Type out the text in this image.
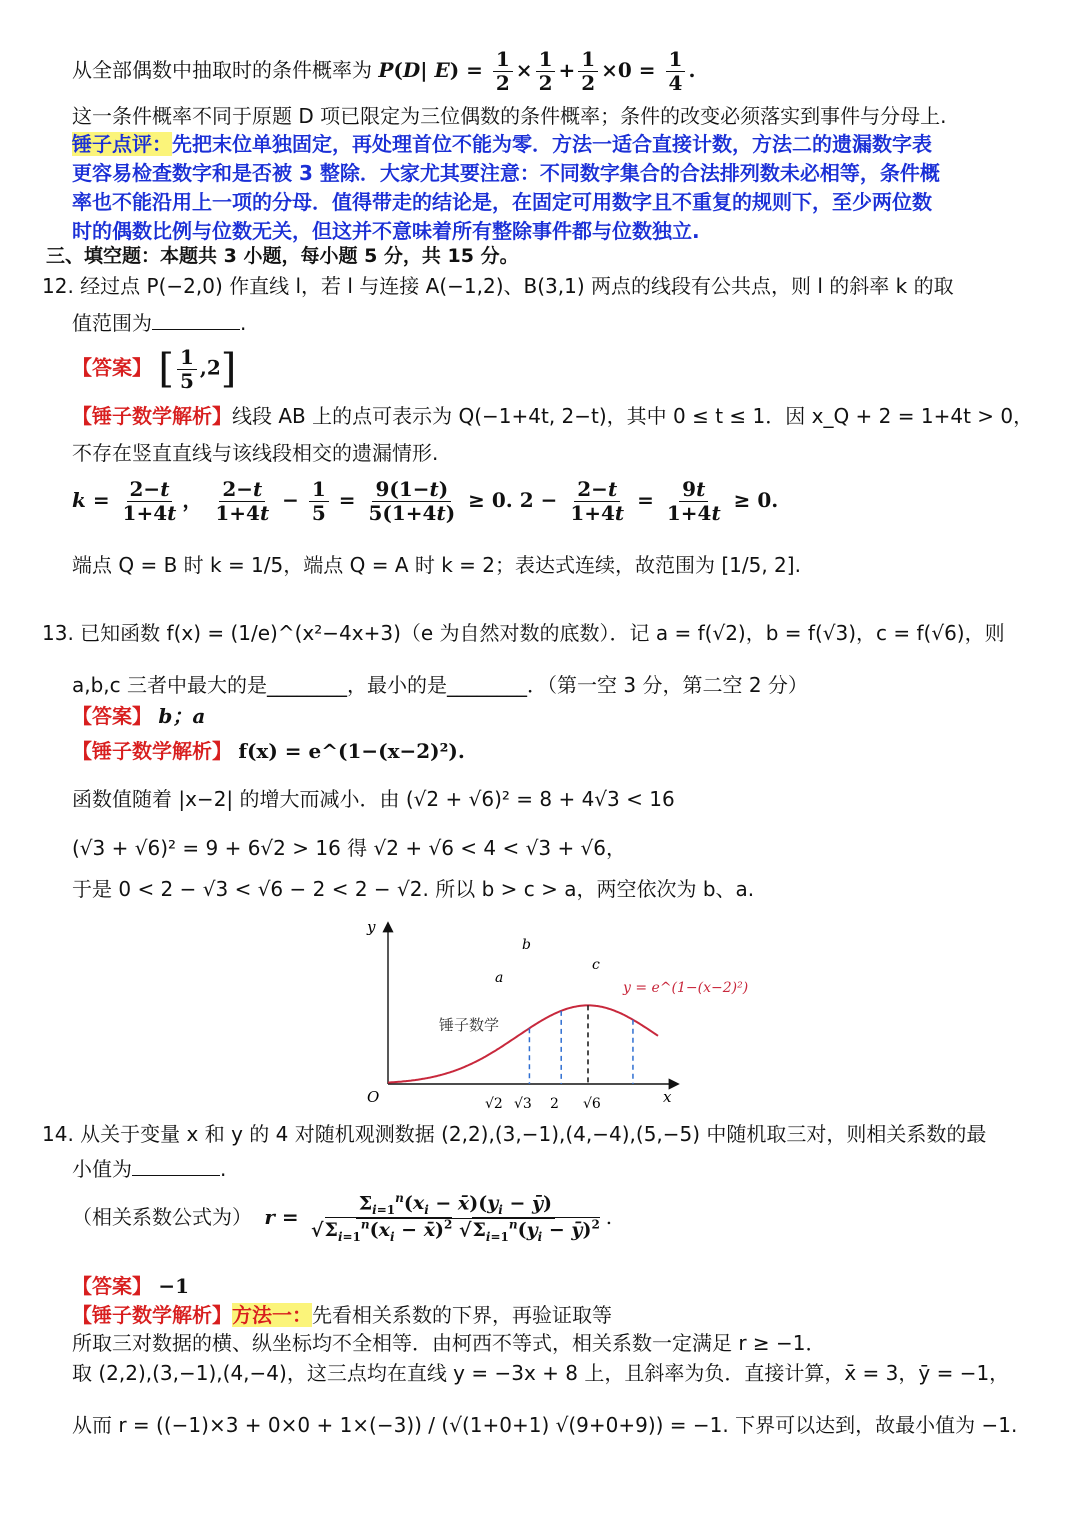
从全部偶数中抽取时的条件概率为 P(D| $E) = \frac{1}{2} \times \frac{1}{2} + \frac{1}{2} \times 0 = \frac{1}{4}$ .
这一条件概率不同于原题 D 项已限定为三位偶数的条件概率；条件的改变必须落实到事件与分母上.
锤子点评：先把末位单独固定，再处理首位不能为零．方法一适合直接计数，方法二的遗漏数字表
更容易检查数字和是否被 3 整除．大家尤其要注意：不同数字集合的合法排列数未必相等，条件概
率也不能沿用上一项的分母．值得带走的结论是，在固定可用数字且不重复的规则下，至少两位数
时的偶数比例与位数无关，但这并不意味着所有整除事件都与位数独立.
三、填空题：本题共 3 小题，每小题 5 分，共 15 分。
12. 经过点 P(−2,0) 作直线 l，若 l 与连接 A(−1,2)、B(3,1) 两点的线段有公共点，则 l 的斜率 k 的取
值范围为	.
【答案】 [ $\frac{1}{5} ,2$]
【锤子数学解析】线段 AB 上的点可表示为 Q(−1+4t, 2−t)，其中 0 ≤ t ≤ 1．因 x_Q + 2 = 1+4t > 0，
不存在竖直直线与该线段相交的遗漏情形.
$k = \frac{2-t}{1+4t}$ ， $\frac{2-t}{1+4t} - \frac{1}{5} = \frac{9(1-t)}{5(1+4t)} \ge 0$. $2 - \frac{2-t}{1+4t} = \frac{9t}{1+4t} \ge 0$.
端点 Q = B 时 k = 1/5，端点 Q = A 时 k = 2；表达式连续，故范围为 [1/5, 2].
13. 已知函数 f(x) = (1/e)^(x²−4x+3)（e 为自然对数的底数）．记 a = f(√2)，b = f(√3)，c = f(√6)，则
a,b,c 三者中最大的是________，最小的是________．（第一空 3 分，第二空 2 分）
【答案】 b；a
【锤子数学解析】 f(x) = e^(1−(x−2)²).
函数值随着 |x−2| 的增大而减小．由 (√2 + √6)² = 8 + 4√3 < 16
(√3 + √6)² = 9 + 6√2 > 16 得 √2 + √6 < 4 < √3 + √6，
于是 0 < 2 − √3 < √6 − 2 < 2 − √2. 所以 b > c > a，两空依次为 b、a.
y
x
O
a
b
c
√2 √3 2 √6
锤子数学
y = e^(1−(x−2)²)
14. 从关于变量 x 和 y 的 4 对随机观测数据 (2,2),(3,−1),(4,−4),(5,−5) 中随机取三对，则相关系数的最
小值为	.
（相关系数公式为） $r = \frac{\Sigma_{i=1}^n(x_i - x̄)(y_i - ȳ)}{√\Sigma_{i=1}^n(x_i - x̄)^2 √\Sigma_{i=1}^n(y_i - ȳ)^2}$ .
【答案】 −1
【锤子数学解析】方法一：先看相关系数的下界，再验证取等
所取三对数据的横、纵坐标均不全相等．由柯西不等式，相关系数一定满足 r ≥ −1．
取 (2,2),(3,−1),(4,−4)，这三点均在直线 y = −3x + 8 上，且斜率为负．直接计算，x̄ = 3，ȳ = −1，
从而 r = ((−1)×3 + 0×0 + 1×(−3)) / (√(1+0+1) √(9+0+9)) = −1. 下界可以达到，故最小值为 −1.
